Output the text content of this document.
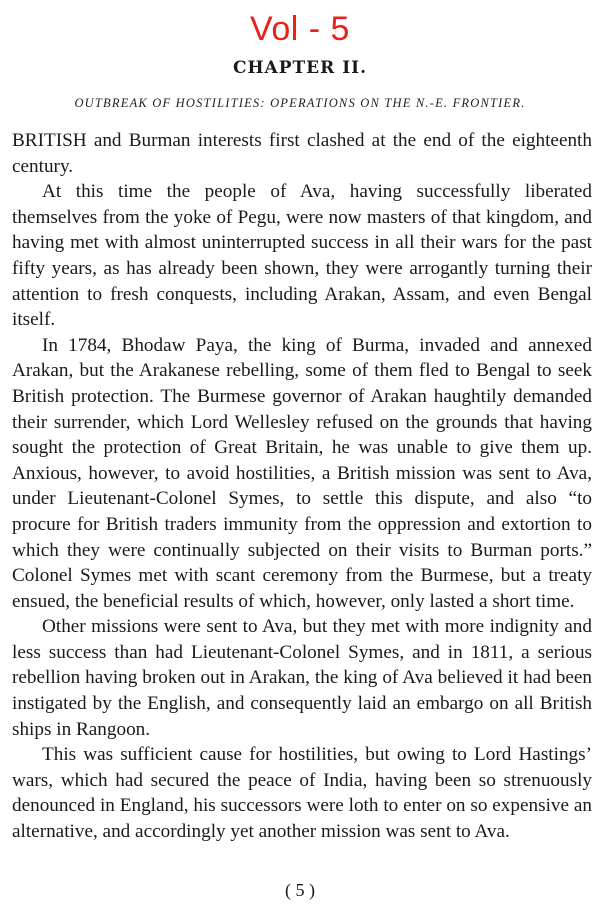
Vol - 5
CHAPTER II.
OUTBREAK OF HOSTILITIES: OPERATIONS ON THE N.-E. FRONTIER.

BRITISH and Burman interests first clashed at the end of the eighteenth century.

At this time the people of Ava, having successfully liberated themselves from the yoke of Pegu, were now masters of that kingdom, and having met with almost uninterrupted success in all their wars for the past fifty years, as has already been shown, they were arrogantly turning their attention to fresh conquests, including Arakan, Assam, and even Bengal itself.

In 1784, Bhodaw Paya, the king of Burma, invaded and annexed Arakan, but the Arakanese rebelling, some of them fled to Bengal to seek British protection. The Burmese governor of Arakan haughtily demanded their surrender, which Lord Wellesley refused on the grounds that having sought the protection of Great Britain, he was unable to give them up. Anxious, however, to avoid hostilities, a British mission was sent to Ava, under Lieutenant-Colonel Symes, to settle this dispute, and also “to procure for British traders immunity from the oppression and extortion to which they were continually subjected on their visits to Burman ports.” Colonel Symes met with scant ceremony from the Burmese, but a treaty ensued, the beneficial results of which, however, only lasted a short time.

Other missions were sent to Ava, but they met with more indignity and less success than had Lieutenant-Colonel Symes, and in 1811, a serious rebellion having broken out in Arakan, the king of Ava believed it had been instigated by the English, and consequently laid an embargo on all British ships in Rangoon.

This was sufficient cause for hostilities, but owing to Lord Hastings’ wars, which had secured the peace of India, having been so strenuously denounced in England, his successors were loth to enter on so expensive an alternative, and accordingly yet another mission was sent to Ava.

( 5 )
